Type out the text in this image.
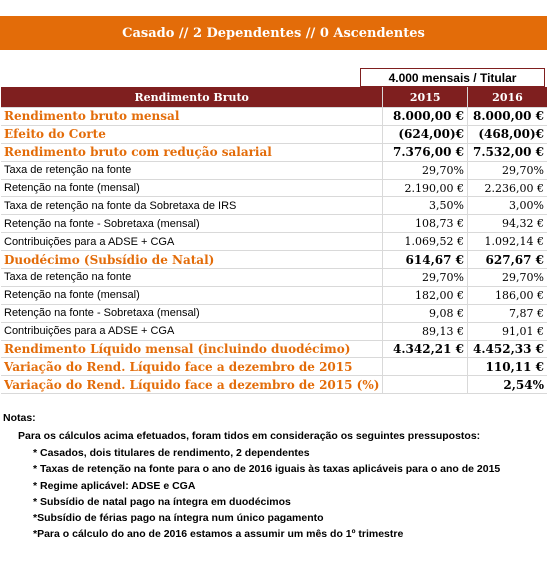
Casado // 2 Dependentes // 0 Ascendentes
4.000 mensais / Titular
Rendimento Bruto	2015	2016
Rendimento bruto mensal	8.000,00 €	8.000,00 €
Efeito do Corte	(624,00)€	(468,00)€
Rendimento bruto com redução salarial	7.376,00 €	7.532,00 €
Taxa de retenção na fonte	29,70%	29,70%
Retenção na fonte (mensal)	2.190,00 €	2.236,00 €
Taxa de retenção na fonte da Sobretaxa de IRS	3,50%	3,00%
Retenção na fonte - Sobretaxa (mensal)	108,73 €	94,32 €
Contribuições para a ADSE + CGA	1.069,52 €	1.092,14 €
Duodécimo (Subsídio de Natal)	614,67 €	627,67 €
Taxa de retenção na fonte	29,70%	29,70%
Retenção na fonte (mensal)	182,00 €	186,00 €
Retenção na fonte - Sobretaxa (mensal)	9,08 €	7,87 €
Contribuições para a ADSE + CGA	89,13 €	91,01 €
Rendimento Líquido mensal (incluindo duodécimo)	4.342,21 €	4.452,33 €
Variação do Rend. Líquido face a dezembro de 2015		110,11 €
Variação do Rend. Líquido face a dezembro de 2015 (%)		2,54%
Notas:
Para os cálculos acima efetuados, foram tidos em consideração os seguintes pressupostos:
* Casados, dois titulares de rendimento, 2 dependentes
* Taxas de retenção na fonte para o ano de 2016 iguais às taxas aplicáveis para o ano de 2015
* Regime aplicável: ADSE e CGA
* Subsídio de natal pago na íntegra em duodécimos
*Subsídio de férias pago na íntegra num único pagamento
*Para o cálculo do ano de 2016 estamos a assumir um mês do 1º trimestre
